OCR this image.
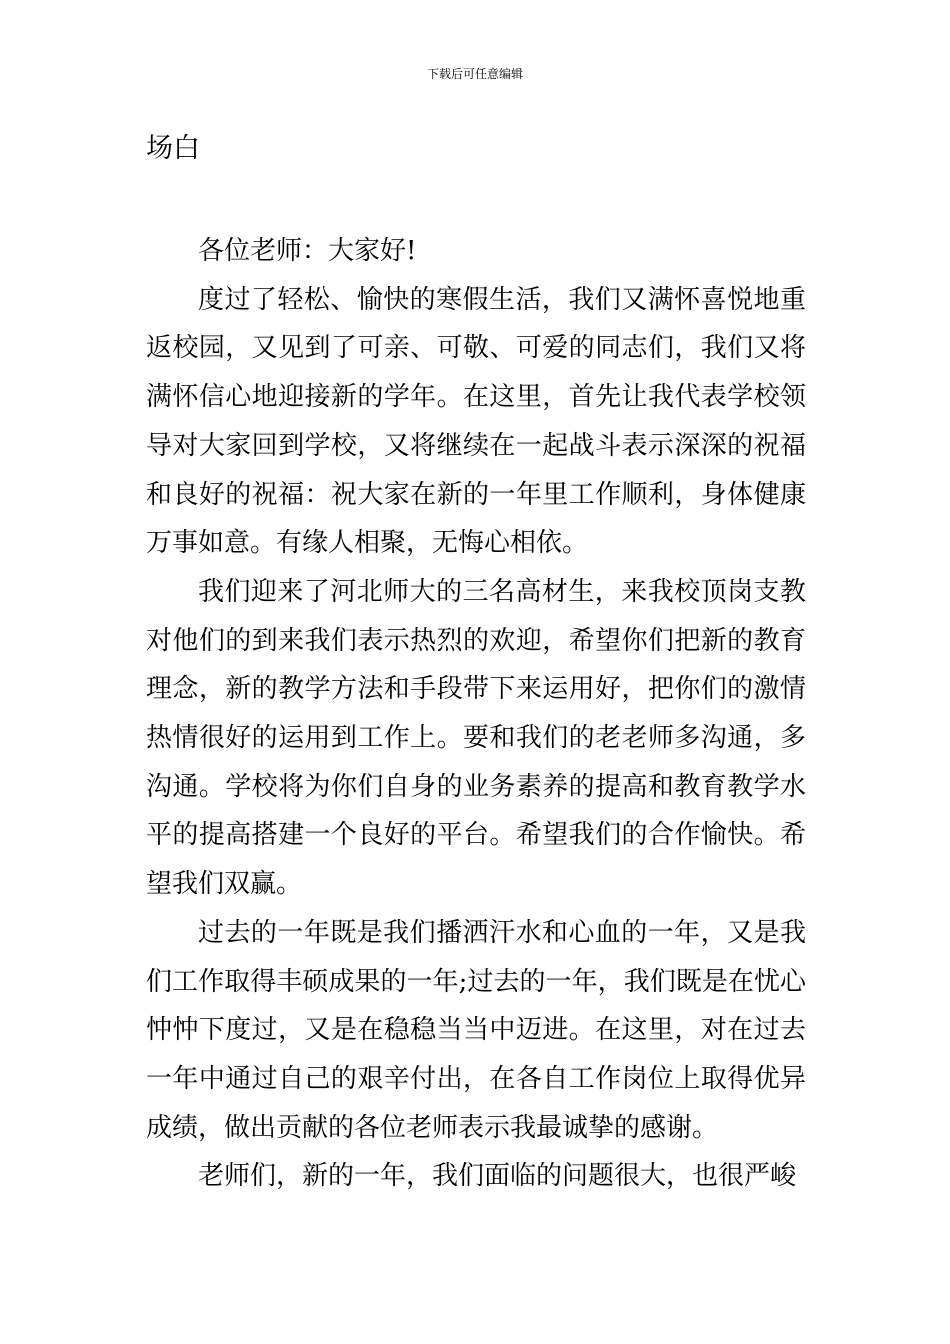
下载后可任意编辑
场白

各位老师：大家好!

度过了轻松、愉快的寒假生活，我们又满怀喜悦地重返校园，又见到了可亲、可敬、可爱的同志们，我们又将满怀信心地迎接新的学年。在这里，首先让我代表学校领导对大家回到学校，又将继续在一起战斗表示深深的祝福和良好的祝福：祝大家在新的一年里工作顺利，身体健康万事如意。有缘人相聚，无悔心相依。

我们迎来了河北师大的三名高材生，来我校顶岗支教对他们的到来我们表示热烈的欢迎，希望你们把新的教育理念，新的教学方法和手段带下来运用好，把你们的激情热情很好的运用到工作上。要和我们的老老师多沟通，多沟通。学校将为你们自身的业务素养的提高和教育教学水平的提高搭建一个良好的平台。希望我们的合作愉快。希望我们双赢。

过去的一年既是我们播洒汗水和心血的一年，又是我们工作取得丰硕成果的一年;过去的一年，我们既是在忧心忡忡下度过，又是在稳稳当当中迈进。在这里，对在过去一年中通过自己的艰辛付出，在各自工作岗位上取得优异成绩，做出贡献的各位老师表示我最诚挚的感谢。

老师们，新的一年，我们面临的问题很大，也很严峻
